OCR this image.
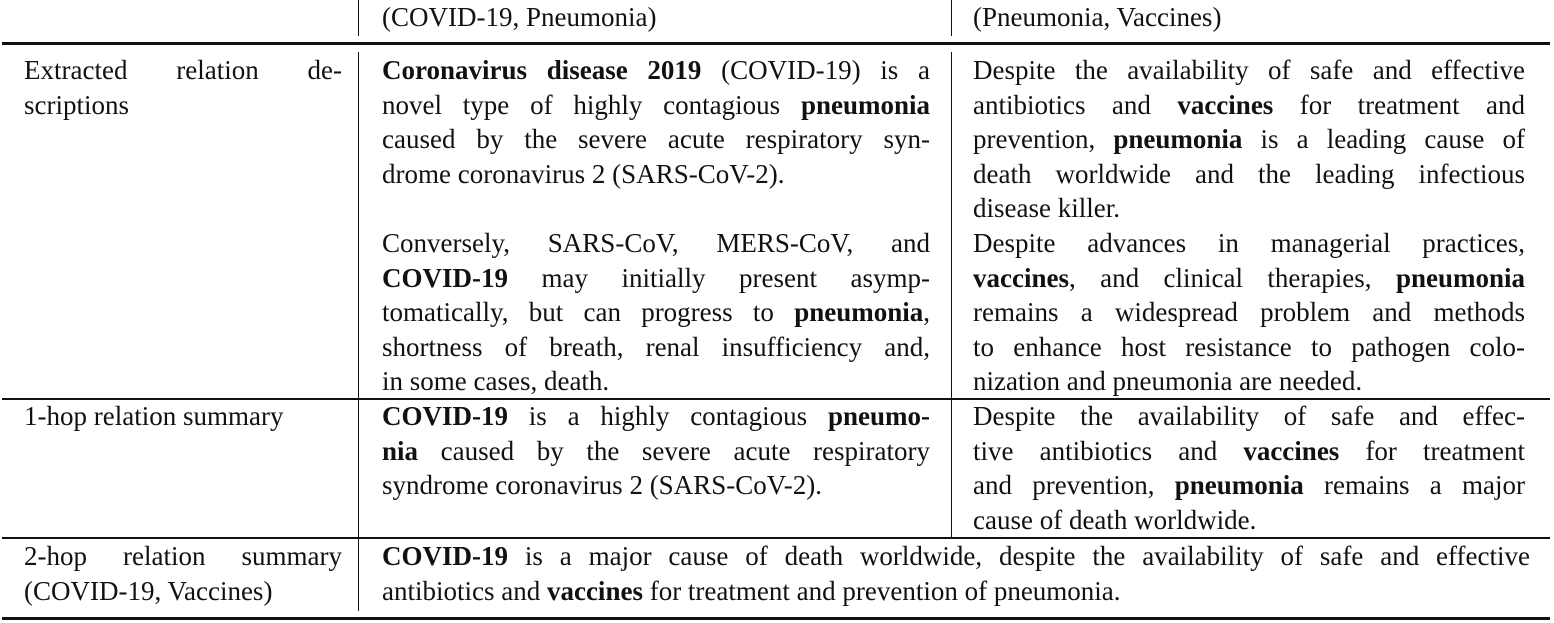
(COVID-19, Pneumonia)	(Pneumonia, Vaccines)
Extracted relation de-
scriptions
Coronavirus disease 2019 (COVID-19) is a
novel type of highly contagious pneumonia
caused by the severe acute respiratory syn-
drome coronavirus 2 (SARS-CoV-2).
Conversely, SARS-CoV, MERS-CoV, and
COVID-19 may initially present asymp-
tomatically, but can progress to pneumonia,
shortness of breath, renal insufficiency and,
in some cases, death.
Despite the availability of safe and effective
antibiotics and vaccines for treatment and
prevention, pneumonia is a leading cause of
death worldwide and the leading infectious
disease killer.
Despite advances in managerial practices,
vaccines, and clinical therapies, pneumonia
remains a widespread problem and methods
to enhance host resistance to pathogen colo-
nization and pneumonia are needed.
1-hop relation summary	COVID-19 is a highly contagious pneumo-
nia caused by the severe acute respiratory
syndrome coronavirus 2 (SARS-CoV-2).
Despite the availability of safe and effec-
tive antibiotics and vaccines for treatment
and prevention, pneumonia remains a major
cause of death worldwide.
2-hop relation summary
(COVID-19, Vaccines)
COVID-19 is a major cause of death worldwide, despite the availability of safe and effective
antibiotics and vaccines for treatment and prevention of pneumonia.
